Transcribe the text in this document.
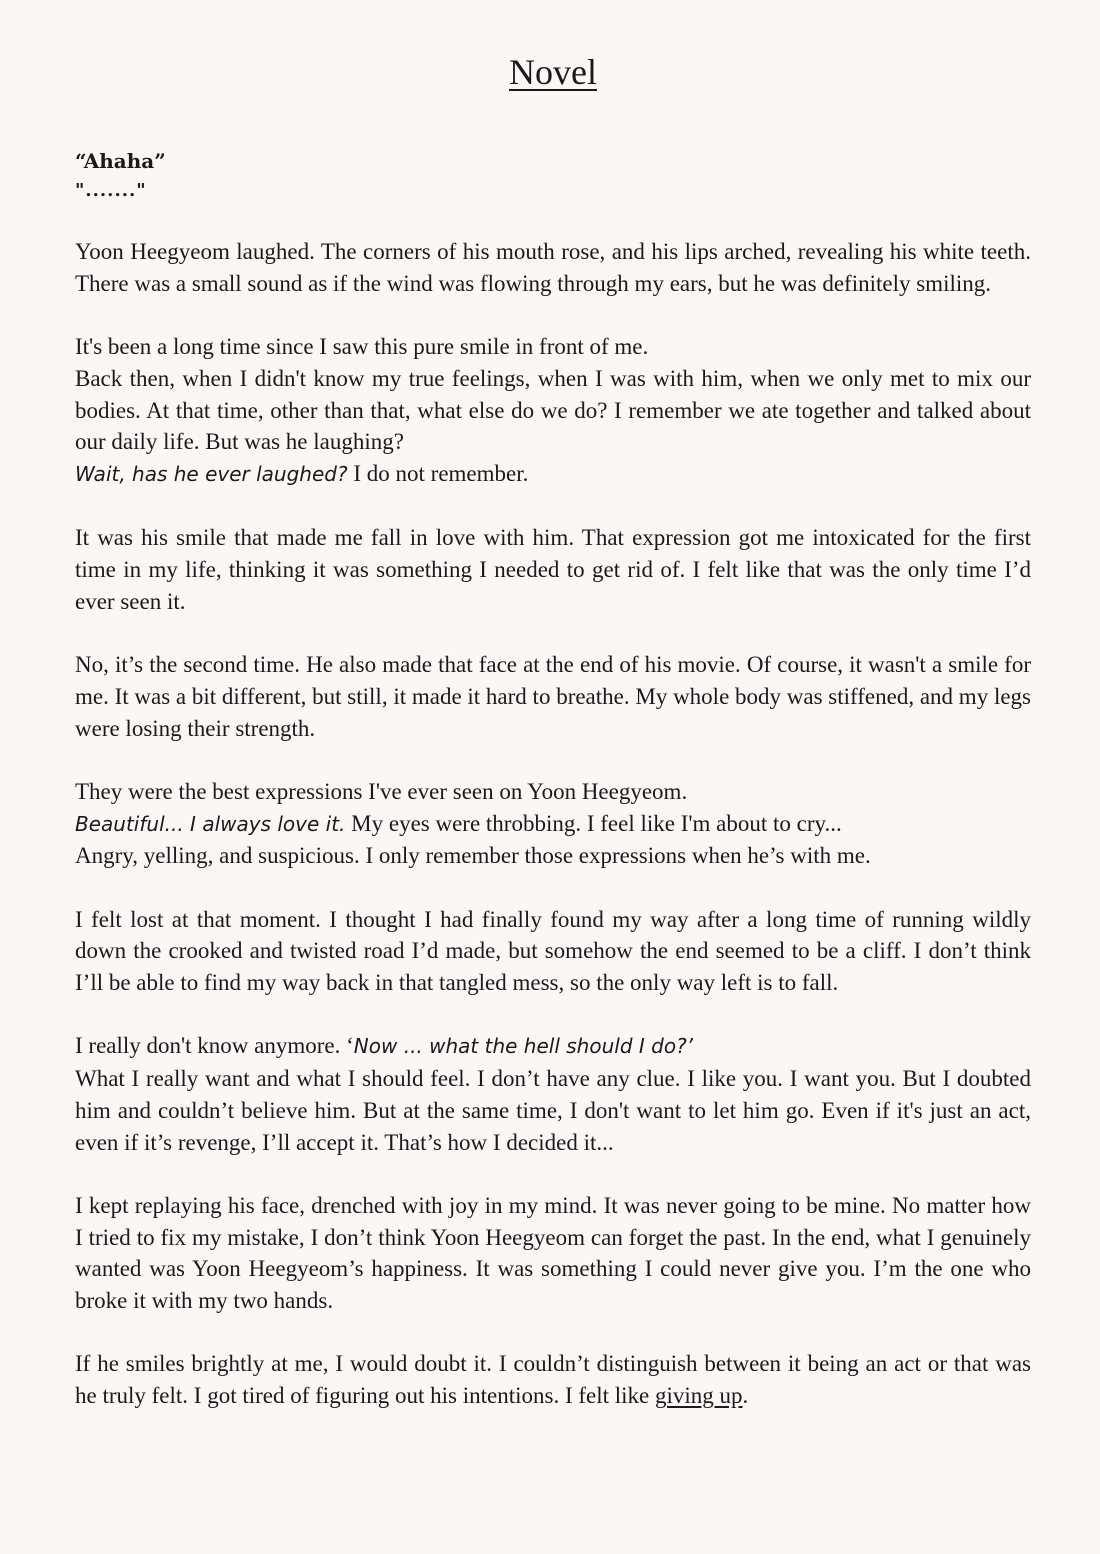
Novel
“Ahaha”
"......."

Yoon Heegyeom laughed. The corners of his mouth rose, and his lips arched, revealing his white teeth. There was a small sound as if the wind was flowing through my ears, but he was definitely smiling.

It's been a long time since I saw this pure smile in front of me.
Back then, when I didn't know my true feelings, when I was with him, when we only met to mix our bodies. At that time, other than that, what else do we do? I remember we ate together and talked about our daily life. But was he laughing?
Wait, has he ever laughed? I do not remember.

It was his smile that made me fall in love with him. That expression got me intoxicated for the first time in my life, thinking it was something I needed to get rid of. I felt like that was the only time I’d ever seen it.

No, it’s the second time. He also made that face at the end of his movie. Of course, it wasn't a smile for me. It was a bit different, but still, it made it hard to breathe. My whole body was stiffened, and my legs were losing their strength.

They were the best expressions I've ever seen on Yoon Heegyeom.
Beautiful... I always love it. My eyes were throbbing. I feel like I'm about to cry...
Angry, yelling, and suspicious. I only remember those expressions when he’s with me.

I felt lost at that moment. I thought I had finally found my way after a long time of running wildly down the crooked and twisted road I’d made, but somehow the end seemed to be a cliff. I don’t think I’ll be able to find my way back in that tangled mess, so the only way left is to fall.

I really don't know anymore. ‘Now ... what the hell should I do?’
What I really want and what I should feel. I don’t have any clue. I like you. I want you. But I doubted him and couldn’t believe him. But at the same time, I don't want to let him go. Even if it's just an act, even if it’s revenge, I’ll accept it. That’s how I decided it...

I kept replaying his face, drenched with joy in my mind. It was never going to be mine. No matter how I tried to fix my mistake, I don’t think Yoon Heegyeom can forget the past. In the end, what I genuinely wanted was Yoon Heegyeom’s happiness. It was something I could never give you. I’m the one who broke it with my two hands.

If he smiles brightly at me, I would doubt it. I couldn’t distinguish between it being an act or that was he truly felt. I got tired of figuring out his intentions. I felt like giving up.
